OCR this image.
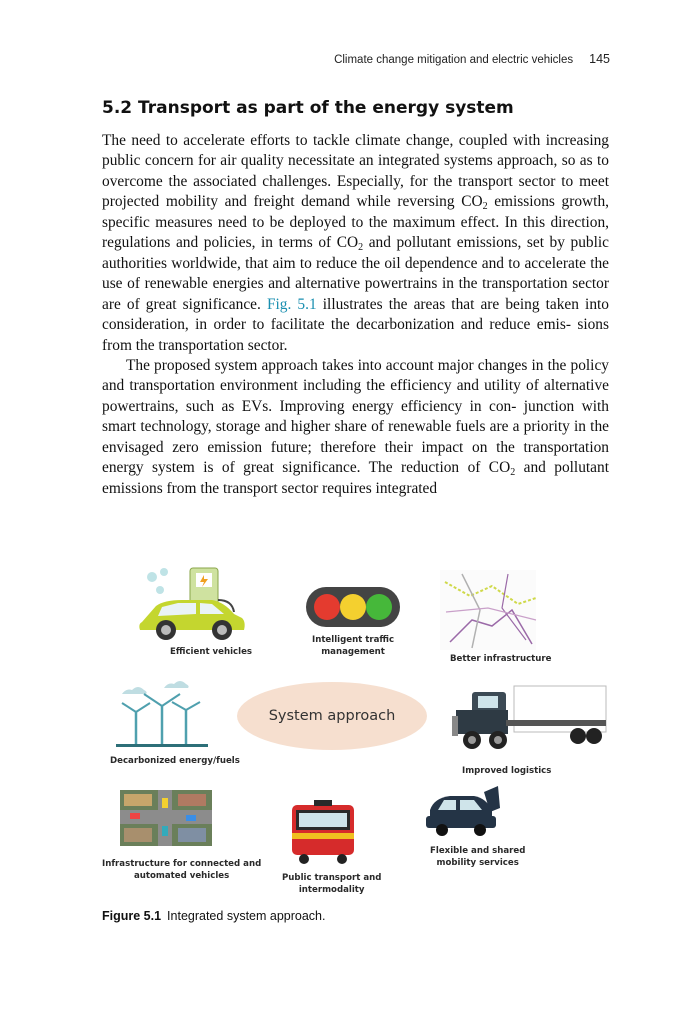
Climate change mitigation and electric vehicles 145
5.2 Transport as part of the energy system

The need to accelerate efforts to tackle climate change, coupled with increasing public concern for air quality necessitate an integrated systems approach, so as to overcome the associated challenges. Especially, for the transport sector to meet projected mobility and freight demand while reversing $CO_2$ emissions growth, specific measures need to be deployed to the maximum effect. In this direction, regulations and policies, in terms of $CO_2$ and pollutant emissions, set by public authorities worldwide, that aim to reduce the oil dependence and to accelerate the use of renewable energies and alternative powertrains in the transportation sector are of great significance. Fig. 5.1 illustrates the areas that are being taken into consideration, in order to facilitate the decarbonization and reduce emis- sions from the transportation sector.

The proposed system approach takes into account major changes in the policy and transportation environment including the efficiency and utility of alternative powertrains, such as EVs. Improving energy efficiency in con- junction with smart technology, storage and higher share of renewable fuels are a priority in the envisaged zero emission future; therefore their impact on the transportation energy system is of great significance. The reduction of $CO_2$ and pollutant emissions from the transport sector requires integrated

System approach
Efficient vehicles
Intelligent traffic
management
Better infrastructure
Decarbonized energy/fuels
Improved logistics
Infrastructure for connected and
automated vehicles	Public transport and
intermodality
Flexible and shared
mobility services
Figure 5.1 Integrated system approach.
